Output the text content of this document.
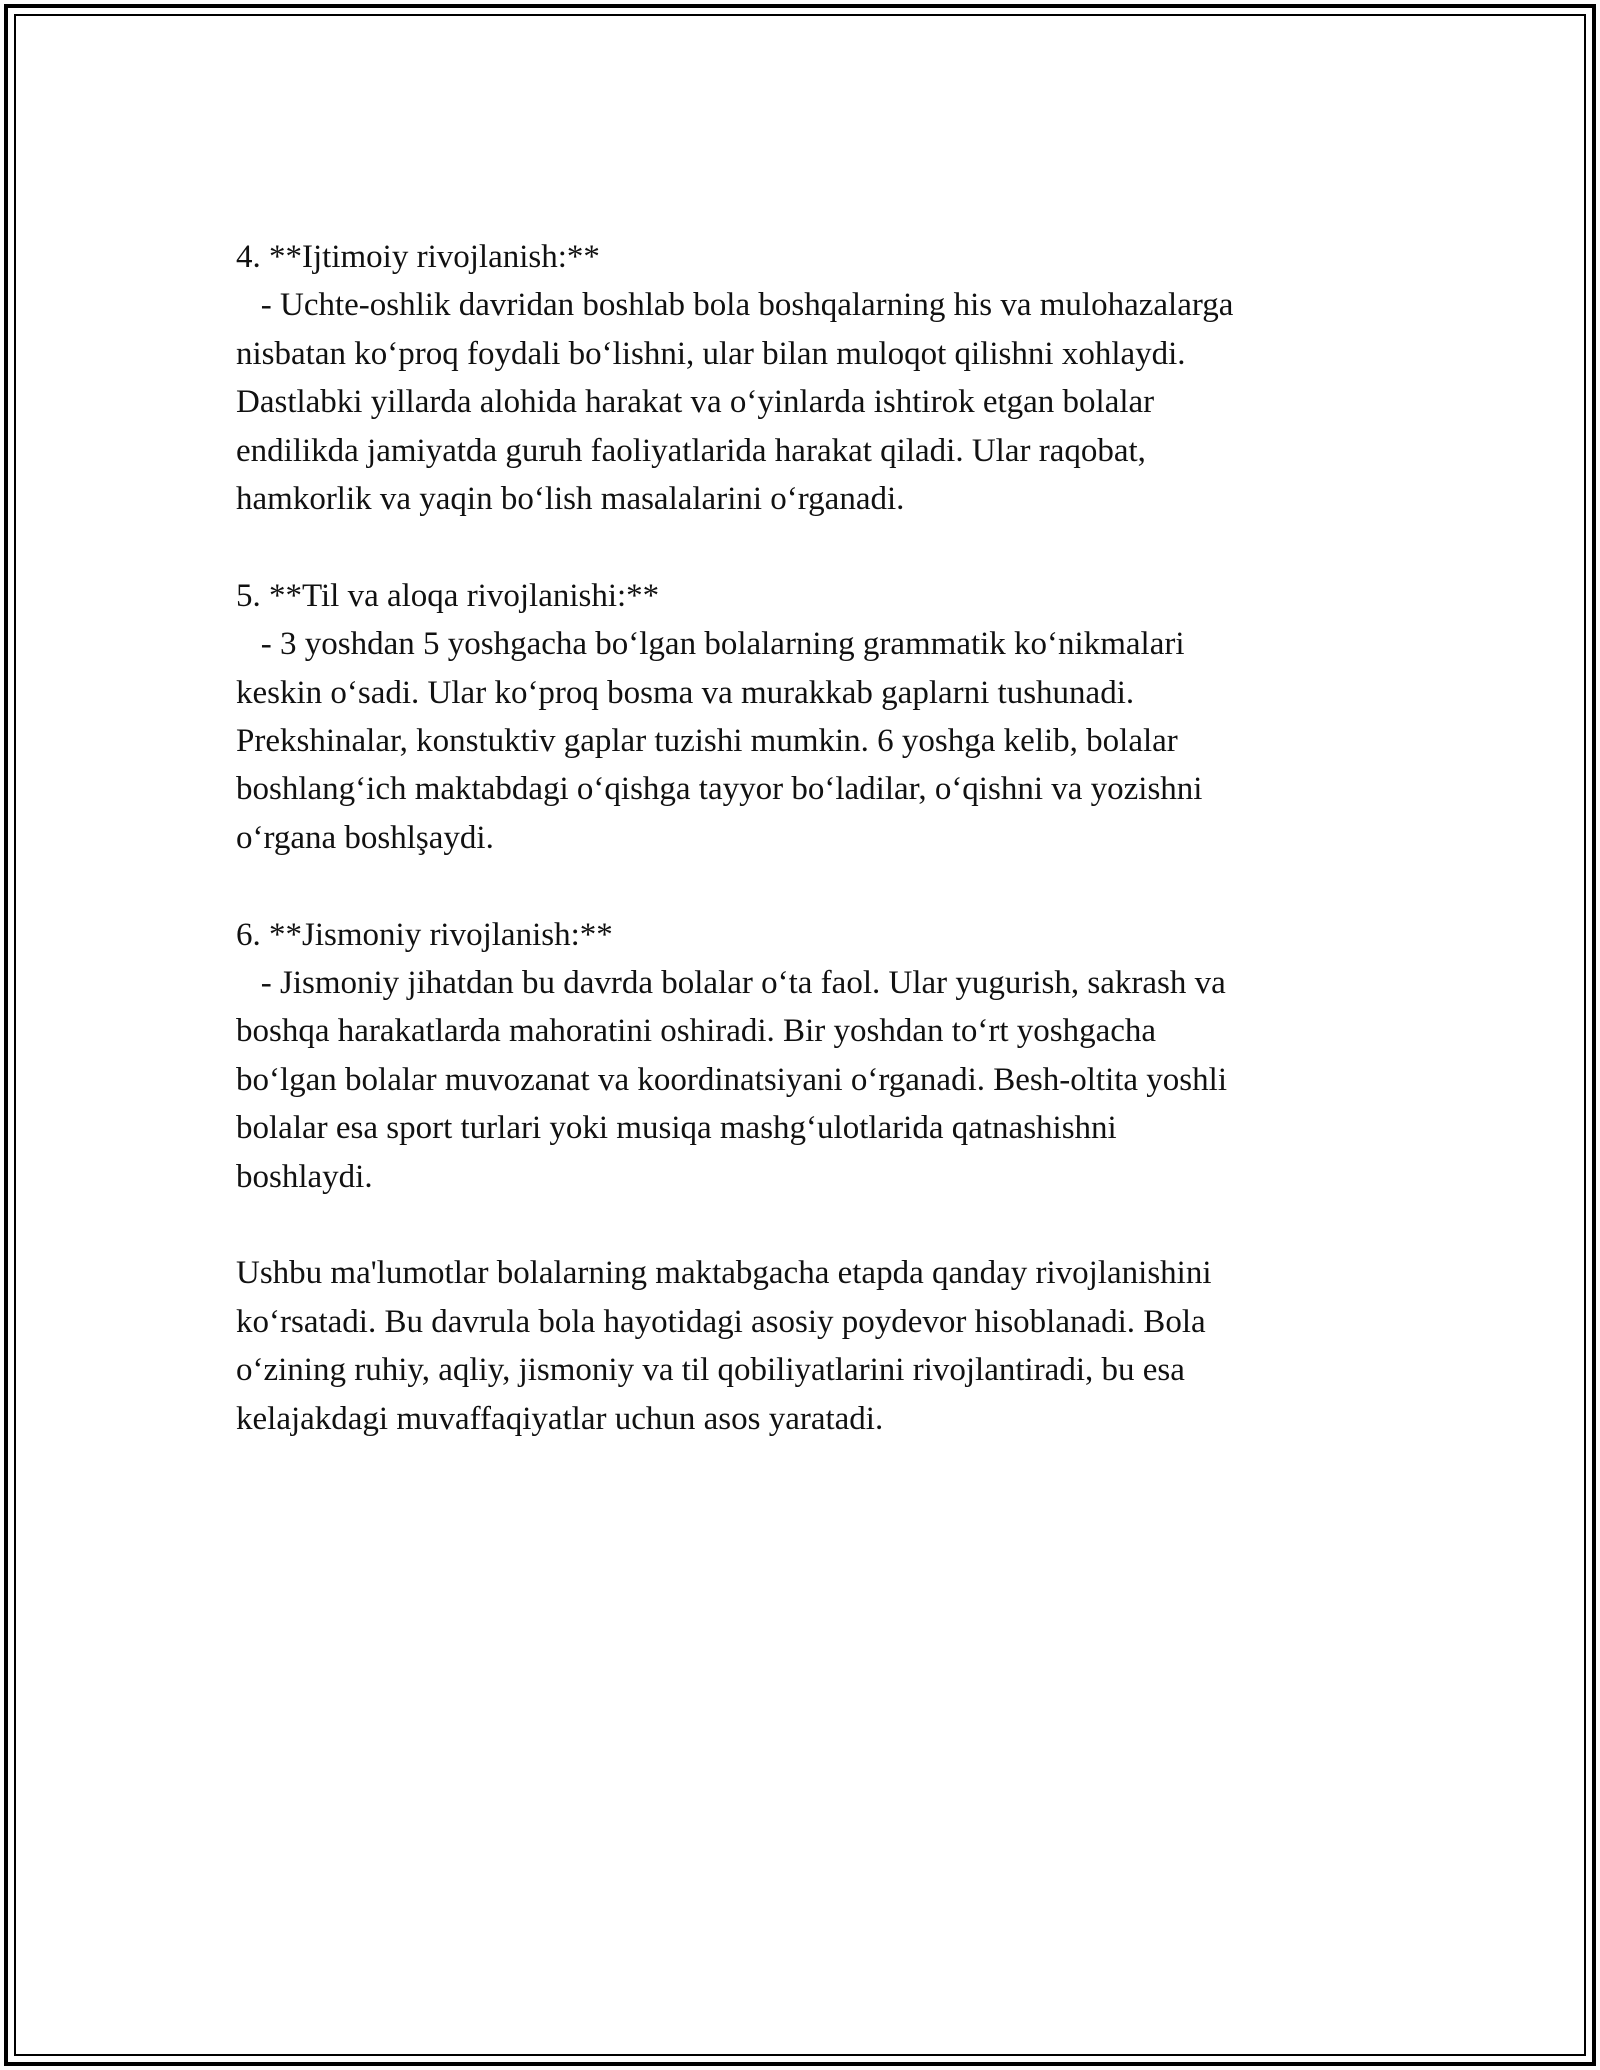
4. **Ijtimoiy rivojlanish:**
- Uchte-oshlik davridan boshlab bola boshqalarning his va mulohazalarga
nisbatan koʻproq foydali boʻlishni, ular bilan muloqot qilishni xohlaydi.
Dastlabki yillarda alohida harakat va oʻyinlarda ishtirok etgan bolalar
endilikda jamiyatda guruh faoliyatlarida harakat qiladi. Ular raqobat,
hamkorlik va yaqin boʻlish masalalarini oʻrganadi.
5. **Til va aloqa rivojlanishi:**
- 3 yoshdan 5 yoshgacha boʻlgan bolalarning grammatik koʻnikmalari
keskin oʻsadi. Ular koʻproq bosma va murakkab gaplarni tushunadi.
Prekshinalar, konstuktiv gaplar tuzishi mumkin. 6 yoshga kelib, bolalar
boshlangʻich maktabdagi oʻqishga tayyor boʻladilar, oʻqishni va yozishni
oʻrgana boshlşaydi.
6. **Jismoniy rivojlanish:**
- Jismoniy jihatdan bu davrda bolalar oʻta faol. Ular yugurish, sakrash va
boshqa harakatlarda mahoratini oshiradi. Bir yoshdan toʻrt yoshgacha
boʻlgan bolalar muvozanat va koordinatsiyani oʻrganadi. Besh-oltita yoshli
bolalar esa sport turlari yoki musiqa mashgʻulotlarida qatnashishni
boshlaydi.
Ushbu ma'lumotlar bolalarning maktabgacha etapda qanday rivojlanishini
koʻrsatadi. Bu davrula bola hayotidagi asosiy poydevor hisoblanadi. Bola
oʻzining ruhiy, aqliy, jismoniy va til qobiliyatlarini rivojlantiradi, bu esa
kelajakdagi muvaffaqiyatlar uchun asos yaratadi.
